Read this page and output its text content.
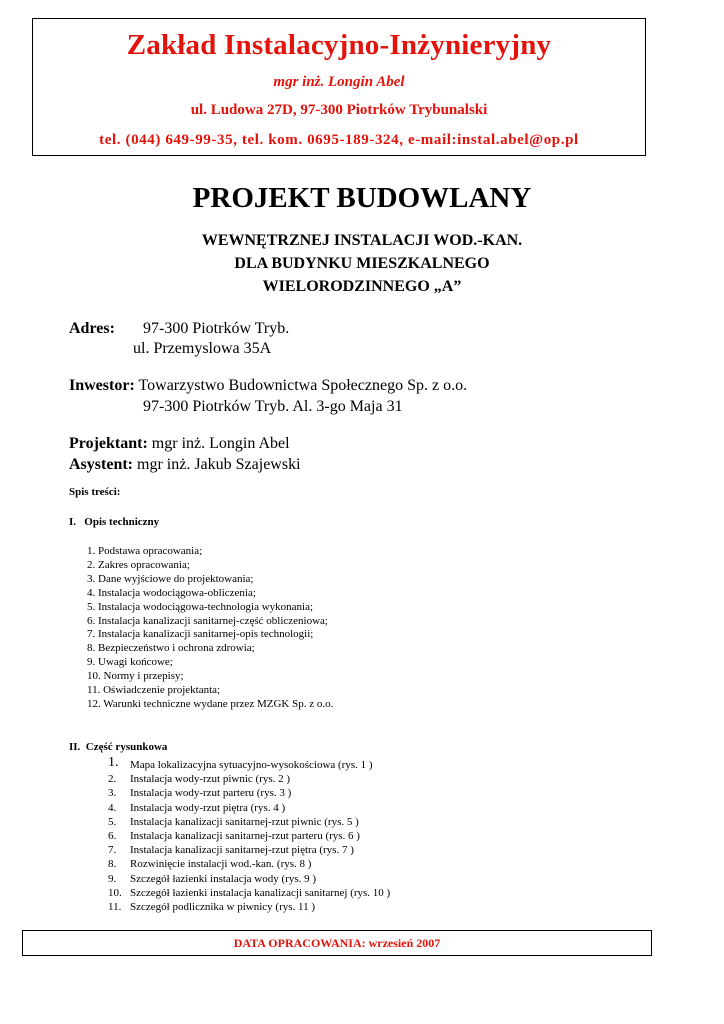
Zakład Instalacyjno-Inżynieryjny
mgr inż. Longin Abel
ul. Ludowa 27D, 97-300 Piotrków Trybunalski
tel. (044) 649-99-35, tel. kom. 0695-189-324, e-mail:instal.abel@op.pl
PROJEKT BUDOWLANY
WEWNĘTRZNEJ INSTALACJI WOD.-KAN.
DLA BUDYNKU MIESZKALNEGO
WIELORODZINNEGO „A”
Adres: 97-300 Piotrków Tryb.
ul. Przemyslowa 35A
Inwestor: Towarzystwo Budownictwa Społecznego Sp. z o.o.
97-300 Piotrków Tryb. Al. 3-go Maja 31
Projektant: mgr inż. Longin Abel
Asystent: mgr inż. Jakub Szajewski
Spis treści:
I.   Opis techniczny
1. Podstawa opracowania;
2. Zakres opracowania;
3. Dane wyjściowe do projektowania;
4. Instalacja wodociągowa-obliczenia;
5. Instalacja wodociągowa-technologia wykonania;
6. Instalacja kanalizacji sanitarnej-część obliczeniowa;
7. Instalacja kanalizacji sanitarnej-opis technologii;
8. Bezpieczeństwo i ochrona zdrowia;
9. Uwagi końcowe;
10. Normy i przepisy;
11. Oświadczenie projektanta;
12. Warunki techniczne wydane przez MZGK Sp. z o.o.
II.  Część rysunkowa
1. Mapa lokalizacyjna sytuacyjno-wysokościowa (rys. 1 )
2. Instalacja wody-rzut piwnic (rys. 2 )
3. Instalacja wody-rzut parteru (rys. 3 )
4. Instalacja wody-rzut piętra (rys. 4 )
5. Instalacja kanalizacji sanitarnej-rzut piwnic (rys. 5 )
6. Instalacja kanalizacji sanitarnej-rzut parteru (rys. 6 )
7. Instalacja kanalizacji sanitarnej-rzut piętra (rys. 7 )
8. Rozwinięcie instalacji wod.-kan. (rys. 8 )
9. Szczegół łazienki instalacja wody (rys. 9 )
10. Szczegół łazienki instalacja kanalizacji sanitarnej (rys. 10 )
11. Szczegół podlicznika w piwnicy (rys. 11 )
DATA OPRACOWANIA: wrzesień 2007
